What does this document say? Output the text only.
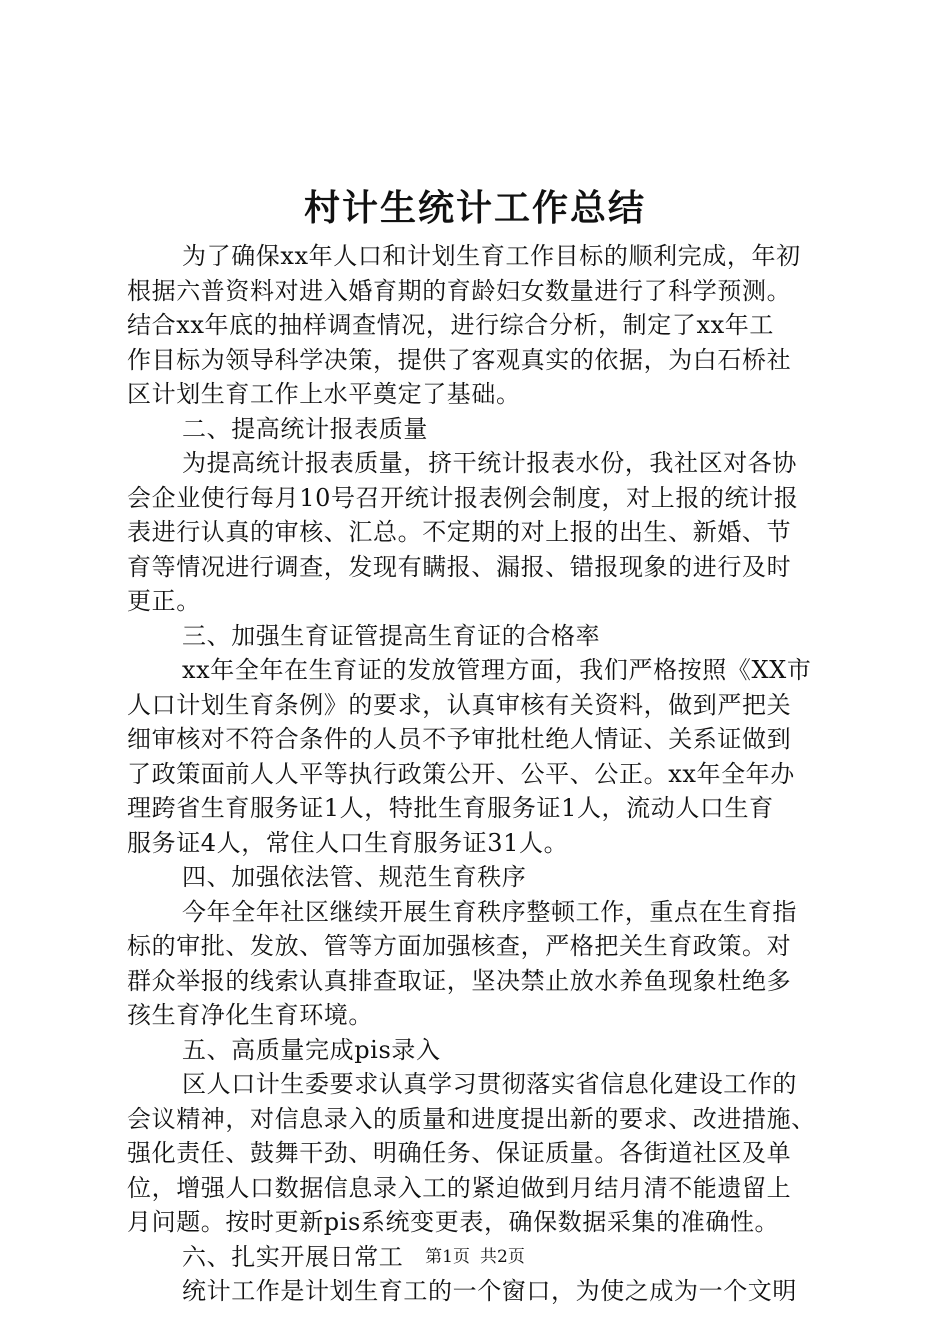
村计生统计工作总结
为了确保xx年人口和计划生育工作目标的顺利完成，年初
根据六普资料对进入婚育期的育龄妇女数量进行了科学预测。
结合xx年底的抽样调查情况，进行综合分析，制定了xx年工
作目标为领导科学决策，提供了客观真实的依据，为白石桥社
区计划生育工作上水平奠定了基础。
二、提高统计报表质量
为提高统计报表质量，挤干统计报表水份，我社区对各协
会企业使行每月10号召开统计报表例会制度，对上报的统计报
表进行认真的审核、汇总。不定期的对上报的出生、新婚、节
育等情况进行调查，发现有瞒报、漏报、错报现象的进行及时
更正。
三、加强生育证管提高生育证的合格率
xx年全年在生育证的发放管理方面，我们严格按照《XX市
人口计划生育条例》的要求，认真审核有关资料，做到严把关
细审核对不符合条件的人员不予审批杜绝人情证、关系证做到
了政策面前人人平等执行政策公开、公平、公正。xx年全年办
理跨省生育服务证1人，特批生育服务证1人，流动人口生育
服务证4人，常住人口生育服务证31人。
四、加强依法管、规范生育秩序
今年全年社区继续开展生育秩序整顿工作，重点在生育指
标的审批、发放、管等方面加强核查，严格把关生育政策。对
群众举报的线索认真排查取证，坚决禁止放水养鱼现象杜绝多
孩生育净化生育环境。
五、高质量完成pis录入
区人口计生委要求认真学习贯彻落实省信息化建设工作的
会议精神，对信息录入的质量和进度提出新的要求、改进措施、
强化责任、鼓舞干劲、明确任务、保证质量。各街道社区及单
位，增强人口数据信息录入工的紧迫做到月结月清不能遗留上
月问题。按时更新pis系统变更表，确保数据采集的准确性。
六、扎实开展日常工
统计工作是计划生育工的一个窗口，为使之成为一个文明
第1页 共2页
